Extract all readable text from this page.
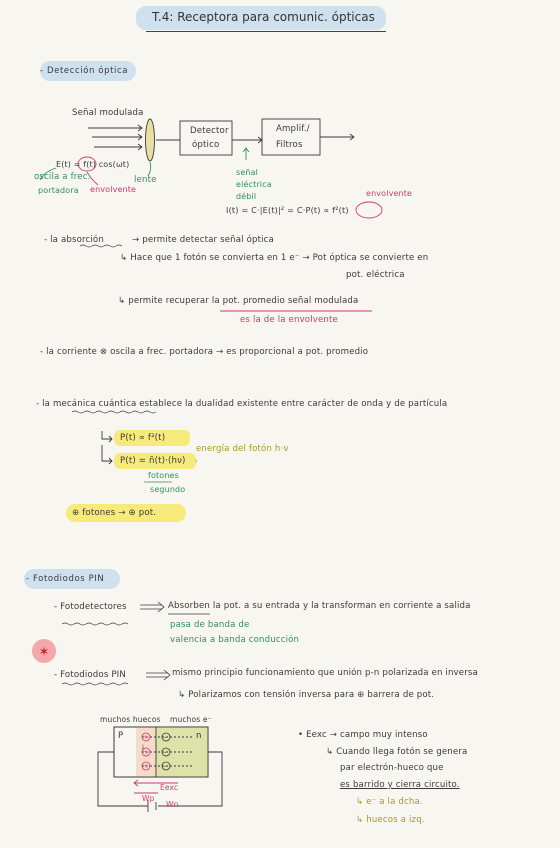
T.4: Receptora para comunic. ópticas
- Detección óptica
✶
+
+
+
−
−
−
Señal modulada
Detector
óptico
Amplif./
Filtros
E(t) = f(t) cos(ωt)
oscila a frec.
portadora envolvente
lente
señal
eléctrica
débil	envolvente
I(t) = C·|E(t)|² = C·P(t) ∝ f²(t)
- la absorción	→ permite detectar señal óptica
↳ Hace que 1 fotón se convierta en 1 e⁻ → Pot óptica se convierte en
pot. eléctrica
↳ permite recuperar la pot. promedio señal modulada
es la de la envolvente
- la corriente ⊗ oscila a frec. portadora → es proporcional a pot. promedio
- la mecánica cuántica establece la dualidad existente entre carácter de onda y de partícula
P(t) ∝ f²(t)
P(t) = ñ(t)·(hν)
energía del fotón h·ν
fotones
segundo
⊕ fotones → ⊕ pot.
- Fotodiodos PIN
- Fotodetectores	Absorben la pot. a su entrada y la transforman en corriente a salida
pasa de banda de
valencia a banda conducción
- Fotodiodos PIN	mismo principio funcionamiento que unión p-n polarizada en inversa
↳ Polarizamos con tensión inversa para ⊕ barrera de pot.
muchos huecos muchos e⁻
P	n
i
Eexc
Wp
Wn
• Eexc → campo muy intenso
↳ Cuando llega fotón se genera
par electrón-hueco que
es barrido y cierra circuito.
↳ e⁻ a la dcha.
↳ huecos a izq.
